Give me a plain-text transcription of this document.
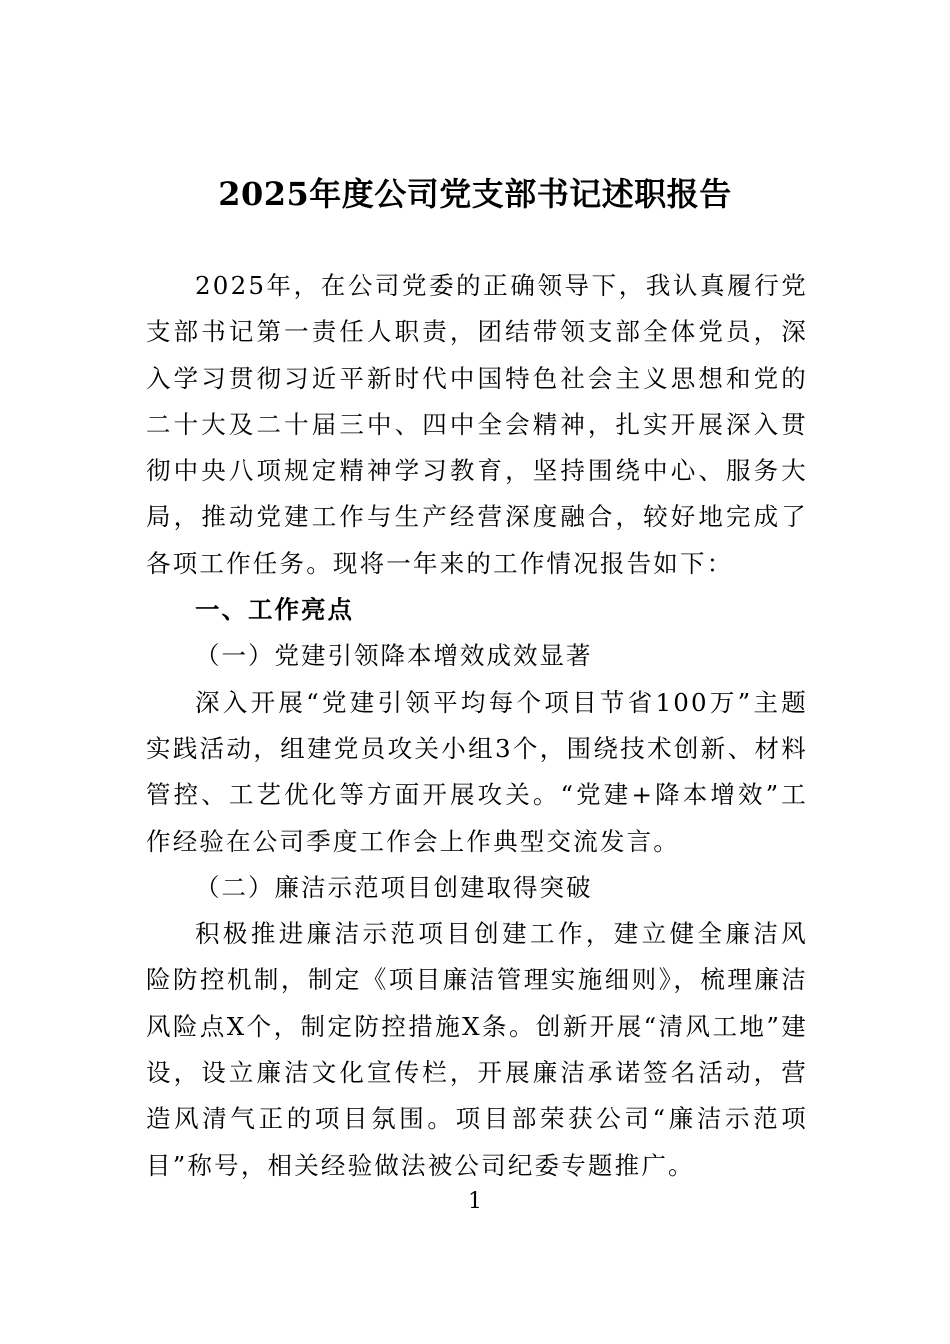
2025年度公司党支部书记述职报告

2025年，在公司党委的正确领导下，我认真履行党支部书记第一责任人职责，团结带领支部全体党员，深入学习贯彻习近平新时代中国特色社会主义思想和党的二十大及二十届三中、四中全会精神，扎实开展深入贯彻中央八项规定精神学习教育，坚持围绕中心、服务大局，推动党建工作与生产经营深度融合，较好地完成了各项工作任务。现将一年来的工作情况报告如下：

一、工作亮点

（一）党建引领降本增效成效显著

深入开展“党建引领平均每个项目节省100万”主题实践活动，组建党员攻关小组3个，围绕技术创新、材料管控、工艺优化等方面开展攻关。“党建+降本增效”工作经验在公司季度工作会上作典型交流发言。

（二）廉洁示范项目创建取得突破

积极推进廉洁示范项目创建工作，建立健全廉洁风险防控机制，制定《项目廉洁管理实施细则》，梳理廉洁风险点X个，制定防控措施X条。创新开展“清风工地”建设，设立廉洁文化宣传栏，开展廉洁承诺签名活动，营造风清气正的项目氛围。项目部荣获公司“廉洁示范项目”称号，相关经验做法被公司纪委专题推广。

1
